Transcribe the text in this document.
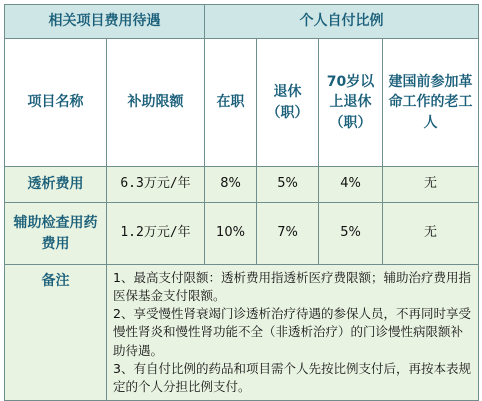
相关项目费用待遇		个人自付比例			
项目名称	补助限额	在职	退休（职）	70岁以上退休（职）	建国前参加革命工作的老工人
透析费用	6.3万元/年	8%	5%	4%	无
辅助检查用药费用	1.2万元/年	10%	7%	5%	无
备注	1、最高支付限额：透析费用指透析医疗费限额；辅助治疗费用指医保基金支付限额。

2、享受慢性肾衰竭门诊透析治疗待遇的参保人员，不再同时享受慢性肾炎和慢性肾功能不全（非透析治疗）的门诊慢性病限额补助待遇。

3、有自付比例的药品和项目需个人先按比例支付后，再按本表规定的个人分担比例支付。				
